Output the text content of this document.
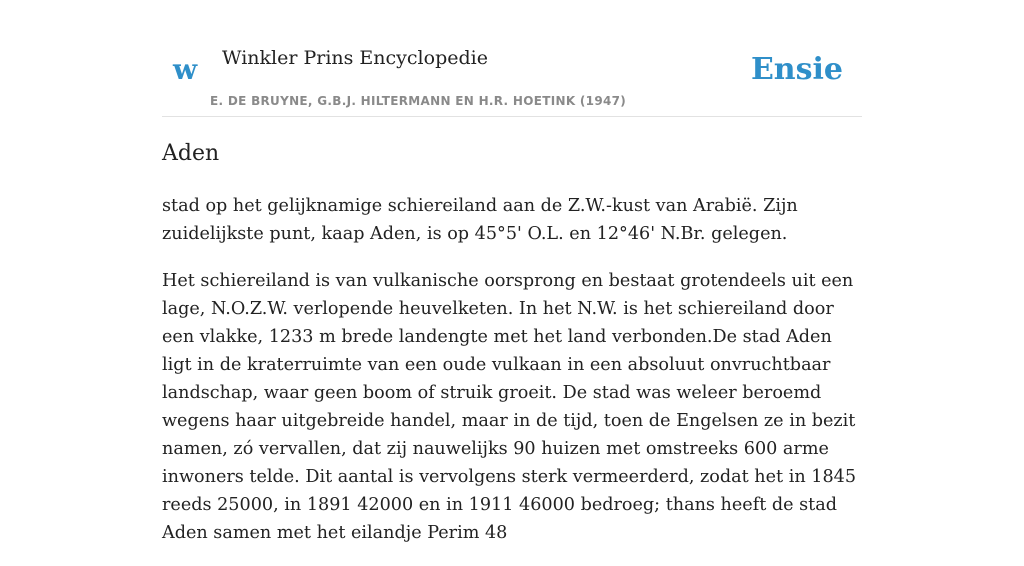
w Winkler Prins Encyclopedie
E. DE BRUYNE, G.B.J. HILTERMANN EN H.R. HOETINK (1947)
Ensie
Aden

stad op het gelijknamige schiereiland aan de Z.W.-kust van Arabië. Zijn zuidelijkste punt, kaap Aden, is op 45°5' O.L. en 12°46' N.Br. gelegen.

Het schiereiland is van vulkanische oorsprong en bestaat grotendeels uit een lage, N.O.Z.W. verlopende heuvelketen. In het N.W. is het schiereiland door een vlakke, 1233 m brede landengte met het land verbonden.De stad Aden ligt in de kraterruimte van een oude vulkaan in een absoluut onvruchtbaar landschap, waar geen boom of struik groeit. De stad was weleer beroemd wegens haar uitgebreide handel, maar in de tijd, toen de Engelsen ze in bezit namen, zó vervallen, dat zij nauwelijks 90 huizen met omstreeks 600 arme inwoners telde. Dit aantal is vervolgens sterk vermeerderd, zodat het in 1845 reeds 25000, in 1891 42000 en in 1911 46000 bedroeg; thans heeft de stad Aden samen met het eilandje Perim 48
